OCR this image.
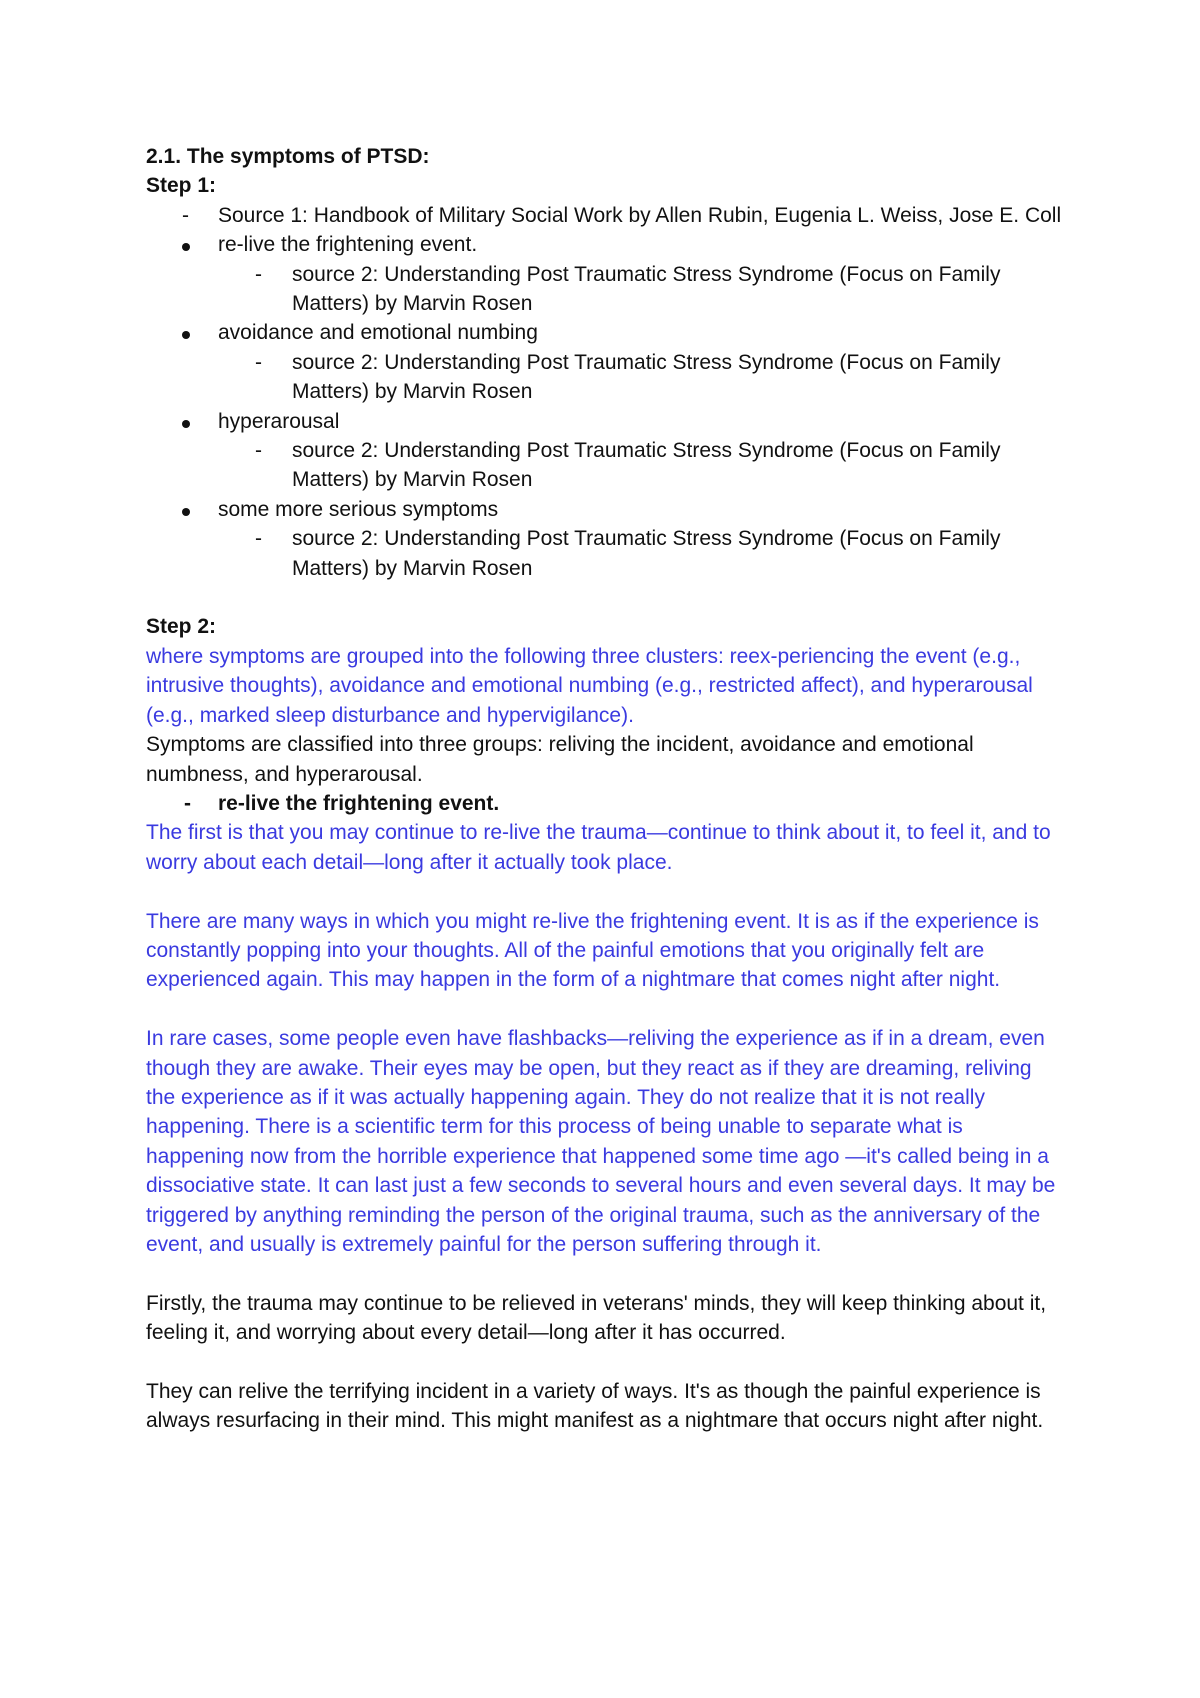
2.1. The symptoms of PTSD:
Step 1:
- Source 1: Handbook of Military Social Work by Allen Rubin, Eugenia L. Weiss, Jose E. Coll
re-live the frightening event.
- source 2: Understanding Post Traumatic Stress Syndrome (Focus on Family Matters) by Marvin Rosen
avoidance and emotional numbing
- source 2: Understanding Post Traumatic Stress Syndrome (Focus on Family Matters) by Marvin Rosen
hyperarousal
- source 2: Understanding Post Traumatic Stress Syndrome (Focus on Family Matters) by Marvin Rosen
some more serious symptoms
- source 2: Understanding Post Traumatic Stress Syndrome (Focus on Family Matters) by Marvin Rosen
Step 2:
where symptoms are grouped into the following three clusters: reex-periencing the event (e.g., intrusive thoughts), avoidance and emotional numbing (e.g., restricted affect), and hyperarousal (e.g., marked sleep disturbance and hypervigilance).
Symptoms are classified into three groups: reliving the incident, avoidance and emotional numbness, and hyperarousal.
- re-live the frightening event.
The first is that you may continue to re-live the trauma—continue to think about it, to feel it, and to worry about each detail—long after it actually took place.
There are many ways in which you might re-live the frightening event. It is as if the experience is constantly popping into your thoughts. All of the painful emotions that you originally felt are experienced again. This may happen in the form of a nightmare that comes night after night.
In rare cases, some people even have flashbacks—reliving the experience as if in a dream, even though they are awake. Their eyes may be open, but they react as if they are dreaming, reliving the experience as if it was actually happening again. They do not realize that it is not really happening. There is a scientific term for this process of being unable to separate what is happening now from the horrible experience that happened some time ago —it's called being in a dissociative state. It can last just a few seconds to several hours and even several days. It may be triggered by anything reminding the person of the original trauma, such as the anniversary of the event, and usually is extremely painful for the person suffering through it.
Firstly, the trauma may continue to be relieved in veterans' minds, they will keep thinking about it, feeling it, and worrying about every detail—long after it has occurred.
They can relive the terrifying incident in a variety of ways. It's as though the painful experience is always resurfacing in their mind. This might manifest as a nightmare that occurs night after night.
